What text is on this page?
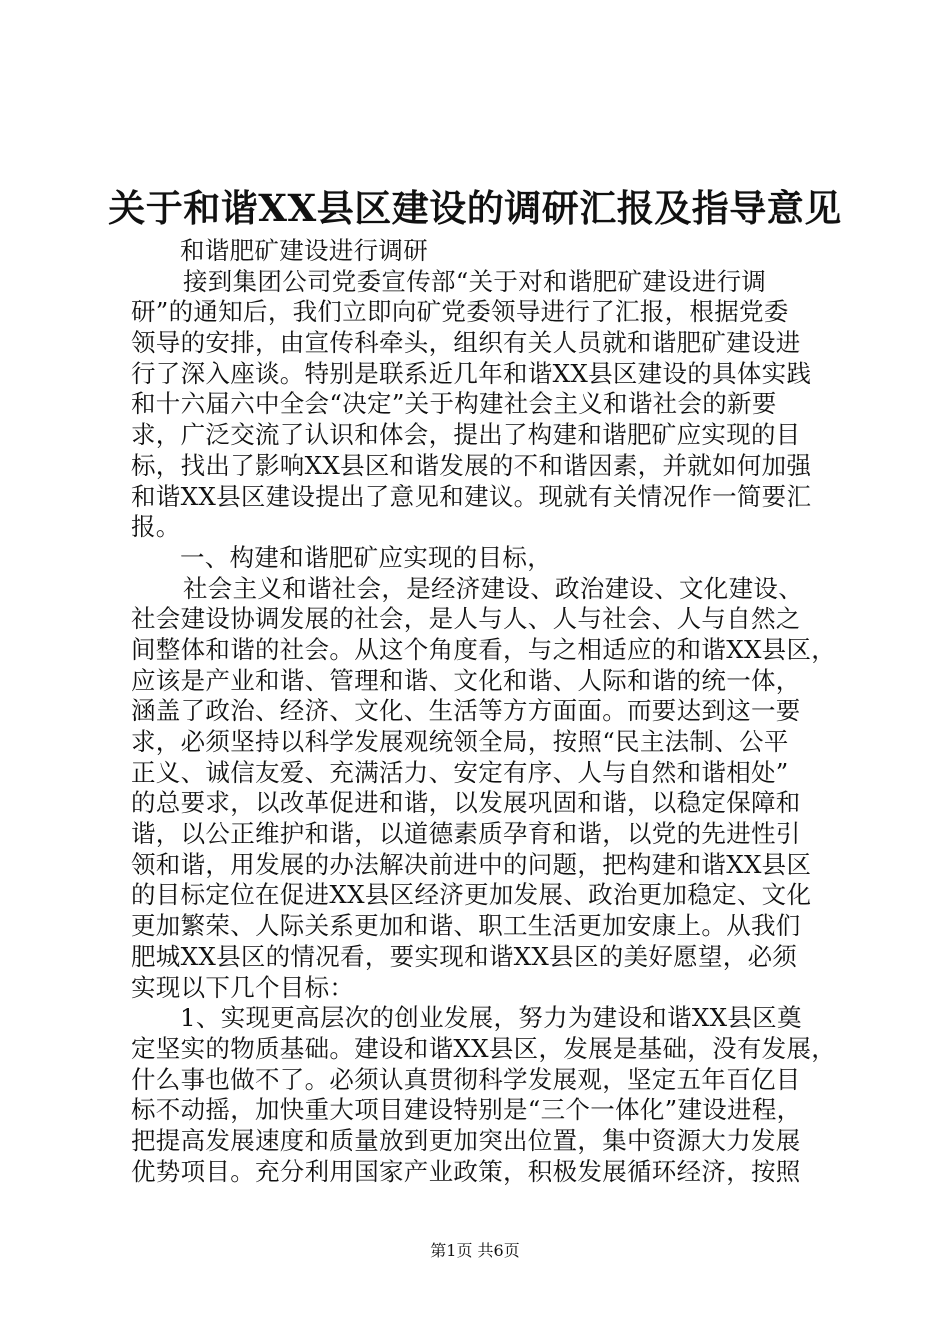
关于和谐XX县区建设的调研汇报及指导意见
和谐肥矿建设进行调研
接到集团公司党委宣传部“关于对和谐肥矿建设进行调
研”的通知后，我们立即向矿党委领导进行了汇报，根据党委
领导的安排，由宣传科牵头，组织有关人员就和谐肥矿建设进
行了深入座谈。特别是联系近几年和谐XX县区建设的具体实践
和十六届六中全会“决定”关于构建社会主义和谐社会的新要
求，广泛交流了认识和体会，提出了构建和谐肥矿应实现的目
标，找出了影响XX县区和谐发展的不和谐因素，并就如何加强
和谐XX县区建设提出了意见和建议。现就有关情况作一简要汇
报。
一、构建和谐肥矿应实现的目标，
社会主义和谐社会，是经济建设、政治建设、文化建设、
社会建设协调发展的社会，是人与人、人与社会、人与自然之
间整体和谐的社会。从这个角度看，与之相适应的和谐XX县区，
应该是产业和谐、管理和谐、文化和谐、人际和谐的统一体，
涵盖了政治、经济、文化、生活等方方面面。而要达到这一要
求，必须坚持以科学发展观统领全局，按照“民主法制、公平
正义、诚信友爱、充满活力、安定有序、人与自然和谐相处”
的总要求，以改革促进和谐，以发展巩固和谐，以稳定保障和
谐，以公正维护和谐，以道德素质孕育和谐，以党的先进性引
领和谐，用发展的办法解决前进中的问题，把构建和谐XX县区
的目标定位在促进XX县区经济更加发展、政治更加稳定、文化
更加繁荣、人际关系更加和谐、职工生活更加安康上。从我们
肥城XX县区的情况看，要实现和谐XX县区的美好愿望，必须
实现以下几个目标：
1、实现更高层次的创业发展，努力为建设和谐XX县区奠
定坚实的物质基础。建设和谐XX县区，发展是基础，没有发展，
什么事也做不了。必须认真贯彻科学发展观，坚定五年百亿目
标不动摇，加快重大项目建设特别是“三个一体化”建设进程，
把提高发展速度和质量放到更加突出位置，集中资源大力发展
优势项目。充分利用国家产业政策，积极发展循环经济，按照
第1页 共6页
